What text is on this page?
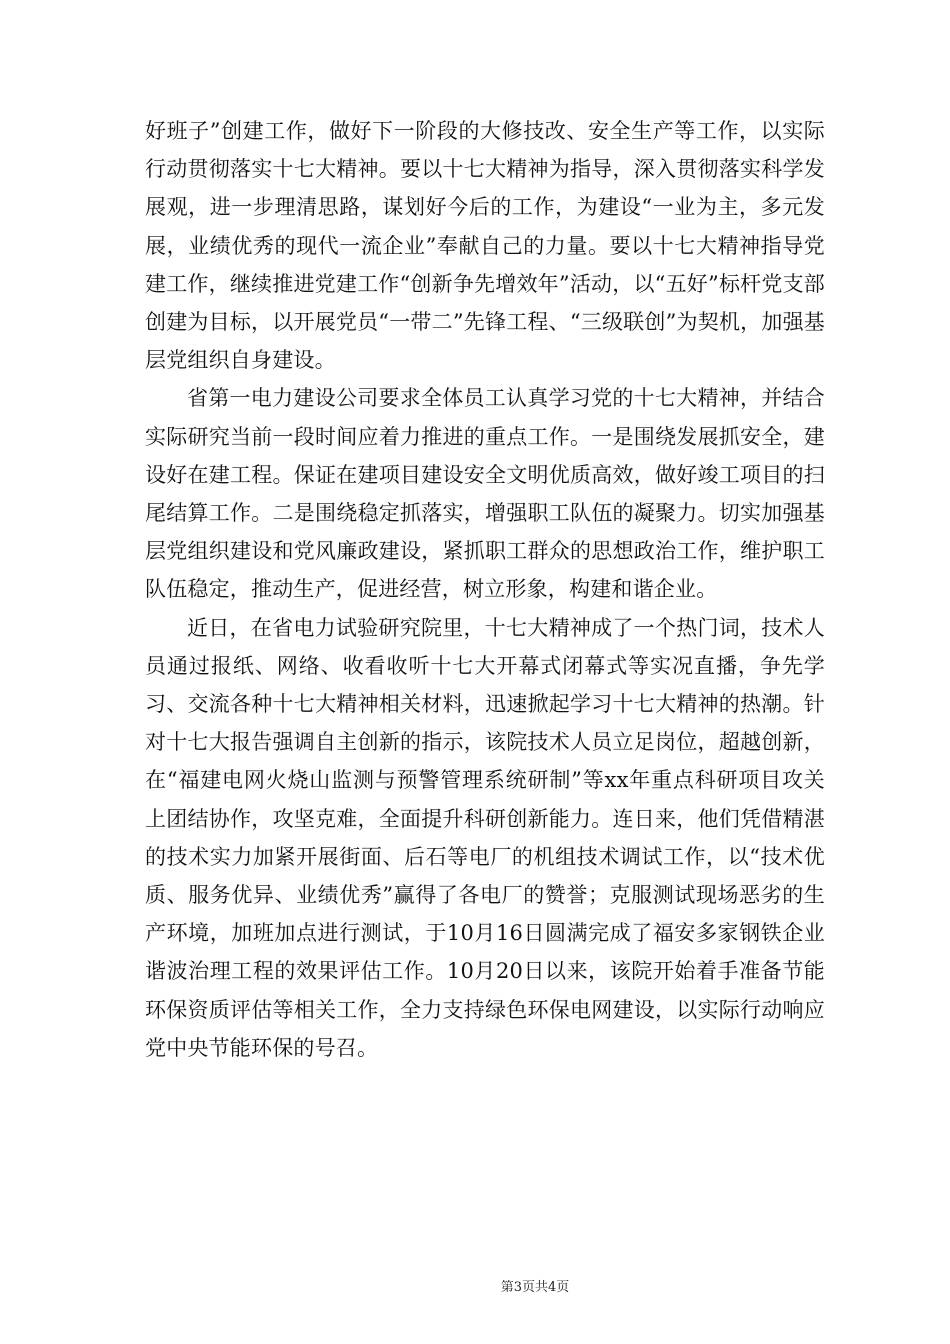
好班子”创建工作，做好下一阶段的大修技改、安全生产等工作，以实际行动贯彻落实十七大精神。要以十七大精神为指导，深入贯彻落实科学发展观，进一步理清思路，谋划好今后的工作，为建设“一业为主，多元发展，业绩优秀的现代一流企业”奉献自己的力量。要以十七大精神指导党建工作，继续推进党建工作“创新争先增效年”活动，以“五好”标杆党支部创建为目标，以开展党员“一带二”先锋工程、“三级联创”为契机，加强基层党组织自身建设。

省第一电力建设公司要求全体员工认真学习党的十七大精神，并结合实际研究当前一段时间应着力推进的重点工作。一是围绕发展抓安全，建设好在建工程。保证在建项目建设安全文明优质高效，做好竣工项目的扫尾结算工作。二是围绕稳定抓落实，增强职工队伍的凝聚力。切实加强基层党组织建设和党风廉政建设，紧抓职工群众的思想政治工作，维护职工队伍稳定，推动生产，促进经营，树立形象，构建和谐企业。

近日，在省电力试验研究院里，十七大精神成了一个热门词，技术人员通过报纸、网络、收看收听十七大开幕式闭幕式等实况直播，争先学习、交流各种十七大精神相关材料，迅速掀起学习十七大精神的热潮。针对十七大报告强调自主创新的指示，该院技术人员立足岗位，超越创新，在“福建电网火烧山监测与预警管理系统研制”等xx年重点科研项目攻关上团结协作，攻坚克难，全面提升科研创新能力。连日来，他们凭借精湛的技术实力加紧开展街面、后石等电厂的机组技术调试工作，以“技术优质、服务优异、业绩优秀”赢得了各电厂的赞誉；克服测试现场恶劣的生产环境，加班加点进行测试，于10月16日圆满完成了福安多家钢铁企业谐波治理工程的效果评估工作。10月20日以来，该院开始着手准备节能环保资质评估等相关工作，全力支持绿色环保电网建设，以实际行动响应党中央节能环保的号召。

第3页共4页
